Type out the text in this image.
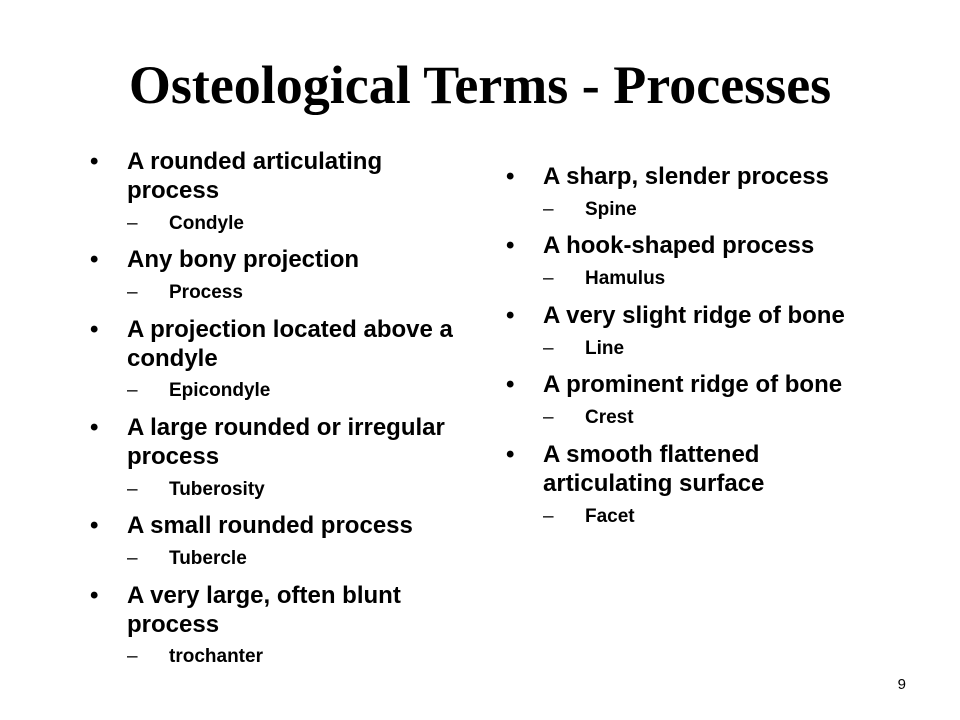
Osteological Terms - Processes
• A rounded articulating process
– Condyle
• Any bony projection
– Process
• A projection located above a condyle
– Epicondyle
• A large rounded or irregular process
– Tuberosity
• A small rounded process
– Tubercle
• A very large, often blunt process
– trochanter
• A sharp, slender process
– Spine
• A hook-shaped process
– Hamulus
• A very slight ridge of bone
– Line
• A prominent ridge of bone
– Crest
• A smooth flattened articulating surface
– Facet
9
